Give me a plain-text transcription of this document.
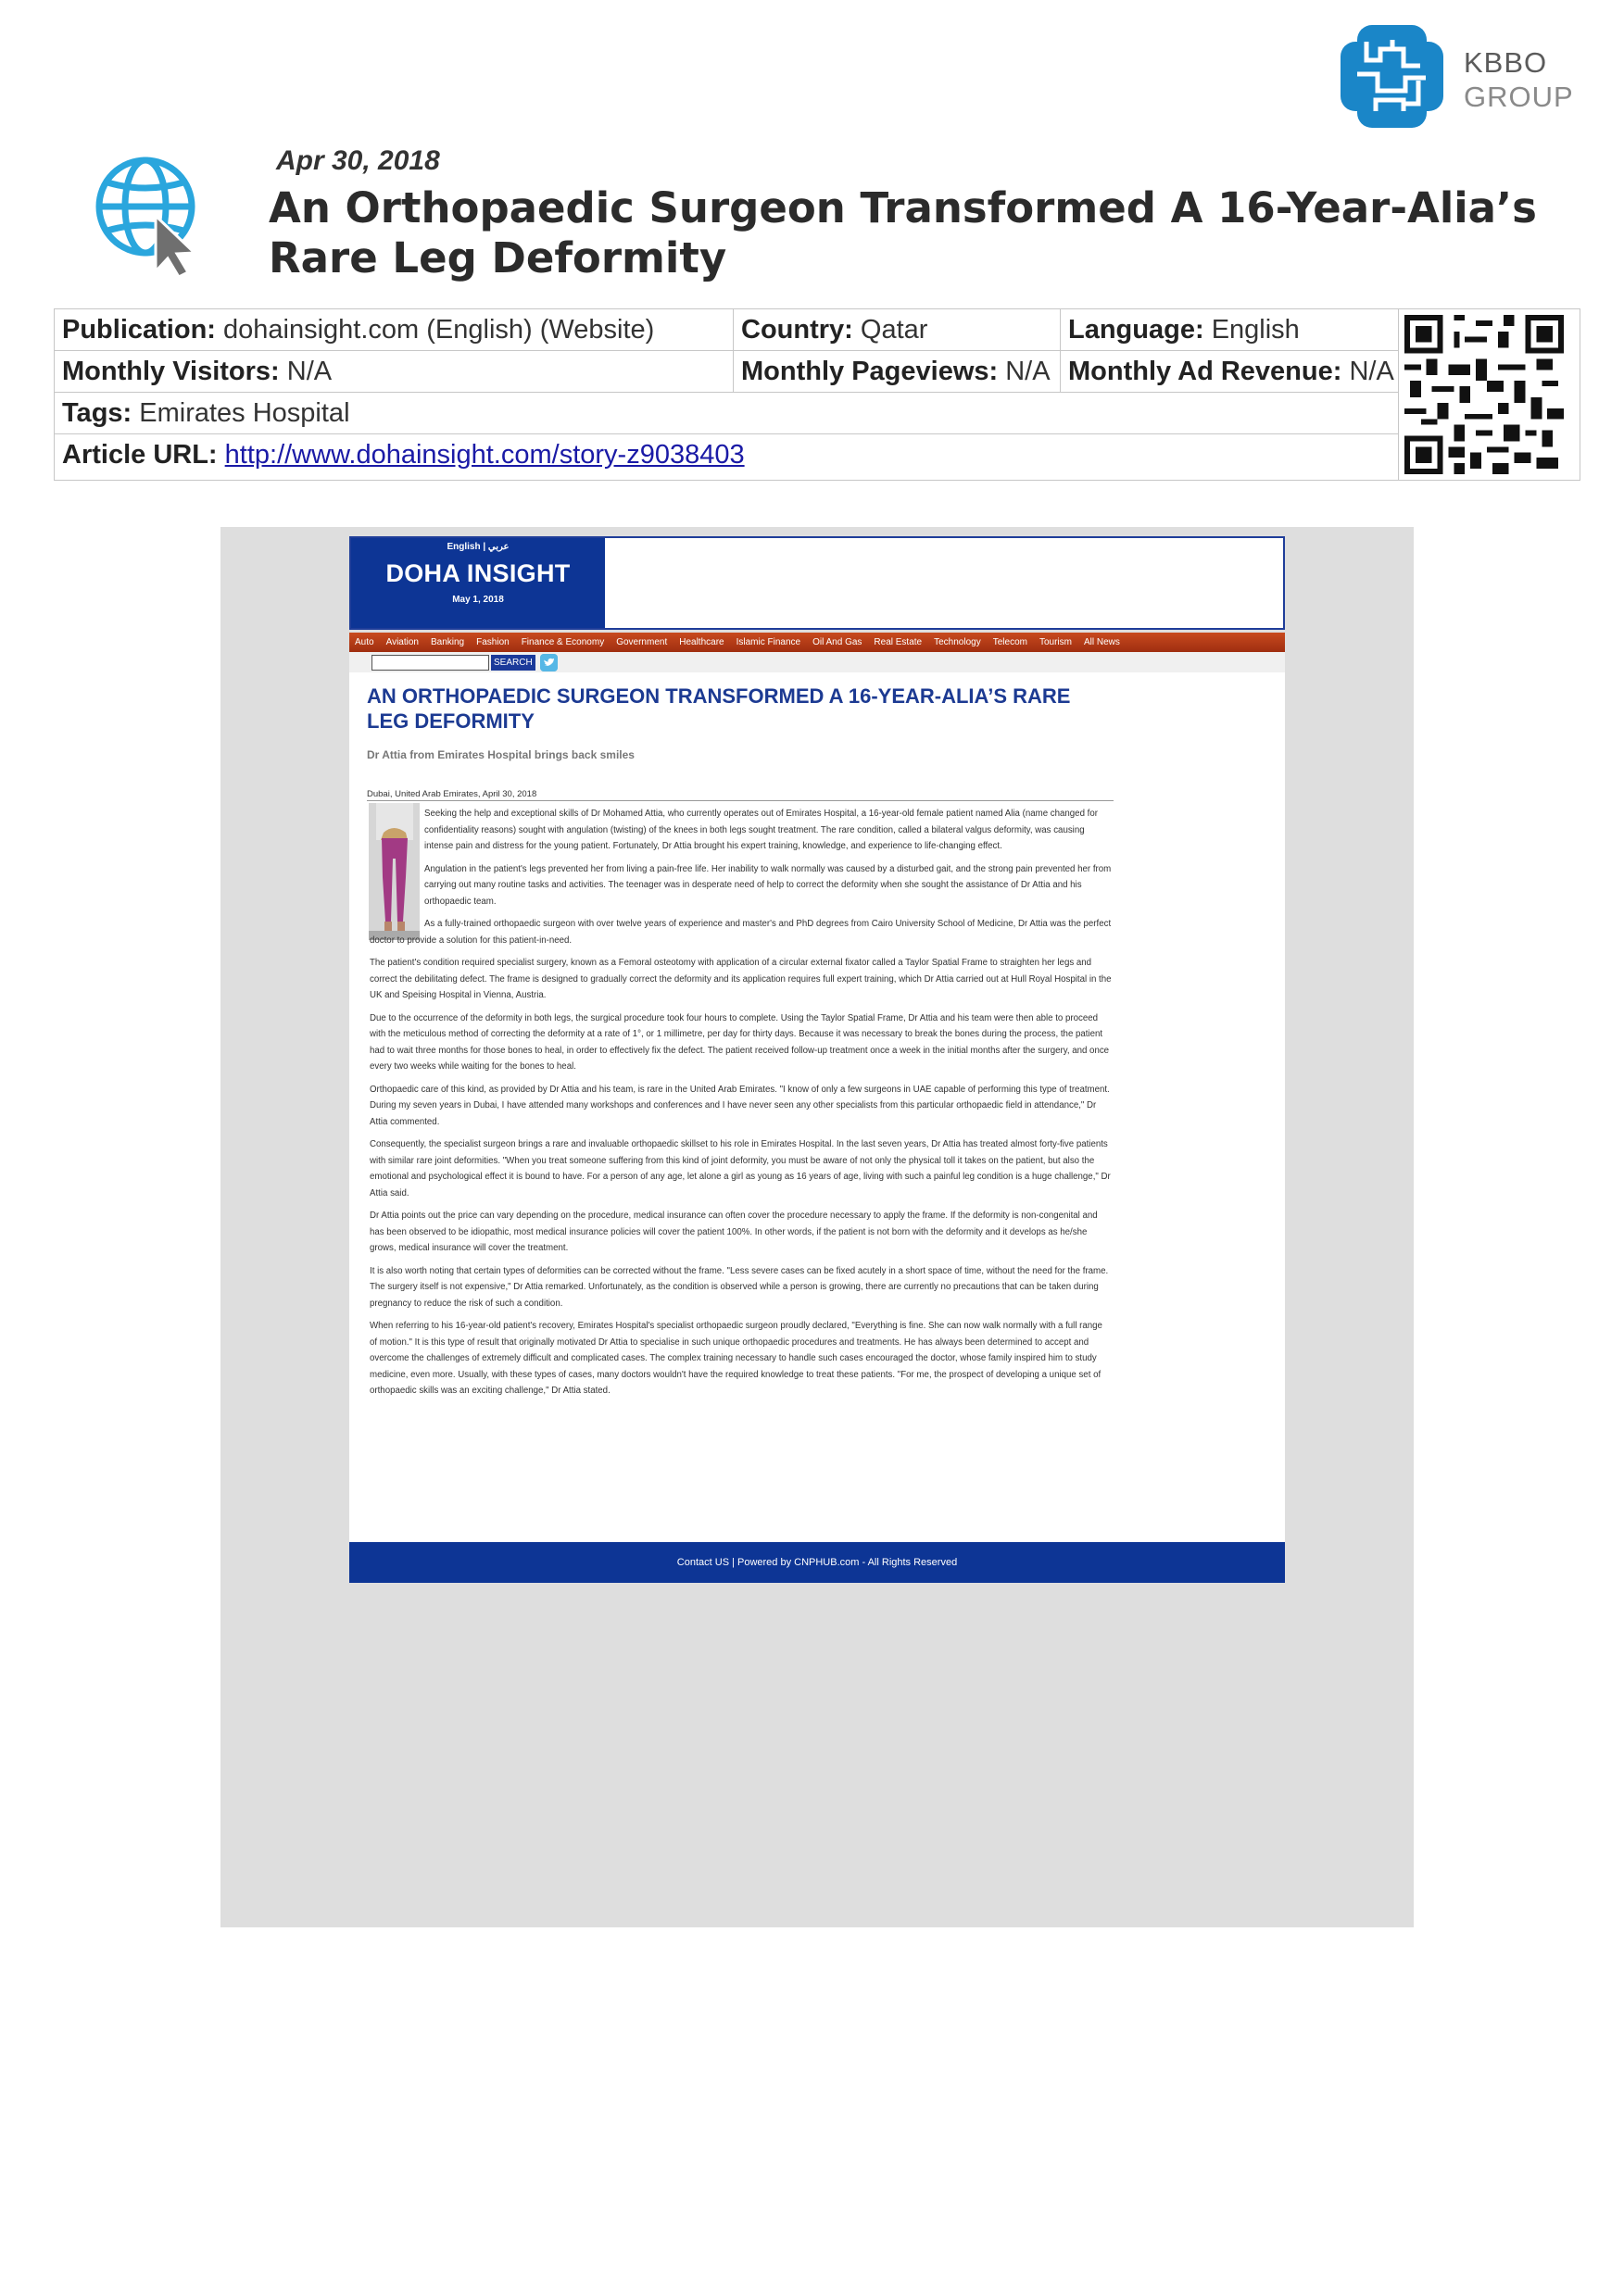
KBBO
GROUP
Apr 30, 2018
An Orthopaedic Surgeon Transformed A 16-Year-Alia’s Rare Leg Deformity
Publication: dohainsight.com (English) (Website)	Country: Qatar	Language: English
Monthly Visitors: N/A	Monthly Pageviews: N/A Monthly Ad Revenue: N/A
Tags: Emirates Hospital
Article URL: http://www.dohainsight.com/story-z9038403
English | عربي
DOHA INSIGHT
May 1, 2018
Auto Aviation Banking Fashion Finance & Economy Government Healthcare Islamic Finance Oil And Gas Real Estate Technology Telecom Tourism All News
SEARCH
AN ORTHOPAEDIC SURGEON TRANSFORMED A 16-YEAR-ALIA’S RARE LEG DEFORMITY
Dr Attia from Emirates Hospital brings back smiles
Dubai, United Arab Emirates, April 30, 2018

Seeking the help and exceptional skills of Dr Mohamed Attia, who currently operates out of Emirates Hospital, a 16-year-old female patient named Alia (name changed for confidentiality reasons) sought with angulation (twisting) of the knees in both legs sought treatment. The rare condition, called a bilateral valgus deformity, was causing intense pain and distress for the young patient. Fortunately, Dr Attia brought his expert training, knowledge, and experience to life-changing effect.

Angulation in the patient's legs prevented her from living a pain-free life. Her inability to walk normally was caused by a disturbed gait, and the strong pain prevented her from carrying out many routine tasks and activities. The teenager was in desperate need of help to correct the deformity when she sought the assistance of Dr Attia and his orthopaedic team.

As a fully-trained orthopaedic surgeon with over twelve years of experience and master's and PhD degrees from Cairo University School of Medicine, Dr Attia was the perfect doctor to provide a solution for this patient-in-need.

The patient's condition required specialist surgery, known as a Femoral osteotomy with application of a circular external fixator called a Taylor Spatial Frame to straighten her legs and correct the debilitating defect. The frame is designed to gradually correct the deformity and its application requires full expert training, which Dr Attia carried out at Hull Royal Hospital in the UK and Speising Hospital in Vienna, Austria.

Due to the occurrence of the deformity in both legs, the surgical procedure took four hours to complete. Using the Taylor Spatial Frame, Dr Attia and his team were then able to proceed with the meticulous method of correcting the deformity at a rate of 1°, or 1 millimetre, per day for thirty days. Because it was necessary to break the bones during the process, the patient had to wait three months for those bones to heal, in order to effectively fix the defect. The patient received follow-up treatment once a week in the initial months after the surgery, and once every two weeks while waiting for the bones to heal.

Orthopaedic care of this kind, as provided by Dr Attia and his team, is rare in the United Arab Emirates. "I know of only a few surgeons in UAE capable of performing this type of treatment. During my seven years in Dubai, I have attended many workshops and conferences and I have never seen any other specialists from this particular orthopaedic field in attendance," Dr Attia commented.

Consequently, the specialist surgeon brings a rare and invaluable orthopaedic skillset to his role in Emirates Hospital. In the last seven years, Dr Attia has treated almost forty-five patients with similar rare joint deformities. "When you treat someone suffering from this kind of joint deformity, you must be aware of not only the physical toll it takes on the patient, but also the emotional and psychological effect it is bound to have. For a person of any age, let alone a girl as young as 16 years of age, living with such a painful leg condition is a huge challenge," Dr Attia said.

Dr Attia points out the price can vary depending on the procedure, medical insurance can often cover the procedure necessary to apply the frame. If the deformity is non-congenital and has been observed to be idiopathic, most medical insurance policies will cover the patient 100%. In other words, if the patient is not born with the deformity and it develops as he/she grows, medical insurance will cover the treatment.

It is also worth noting that certain types of deformities can be corrected without the frame. "Less severe cases can be fixed acutely in a short space of time, without the need for the frame. The surgery itself is not expensive," Dr Attia remarked. Unfortunately, as the condition is observed while a person is growing, there are currently no precautions that can be taken during pregnancy to reduce the risk of such a condition.

When referring to his 16-year-old patient's recovery, Emirates Hospital's specialist orthopaedic surgeon proudly declared, "Everything is fine. She can now walk normally with a full range of motion." It is this type of result that originally motivated Dr Attia to specialise in such unique orthopaedic procedures and treatments. He has always been determined to accept and overcome the challenges of extremely difficult and complicated cases. The complex training necessary to handle such cases encouraged the doctor, whose family inspired him to study medicine, even more. Usually, with these types of cases, many doctors wouldn't have the required knowledge to treat these patients. "For me, the prospect of developing a unique set of orthopaedic skills was an exciting challenge," Dr Attia stated.

Contact US | Powered by CNPHUB.com - All Rights Reserved
